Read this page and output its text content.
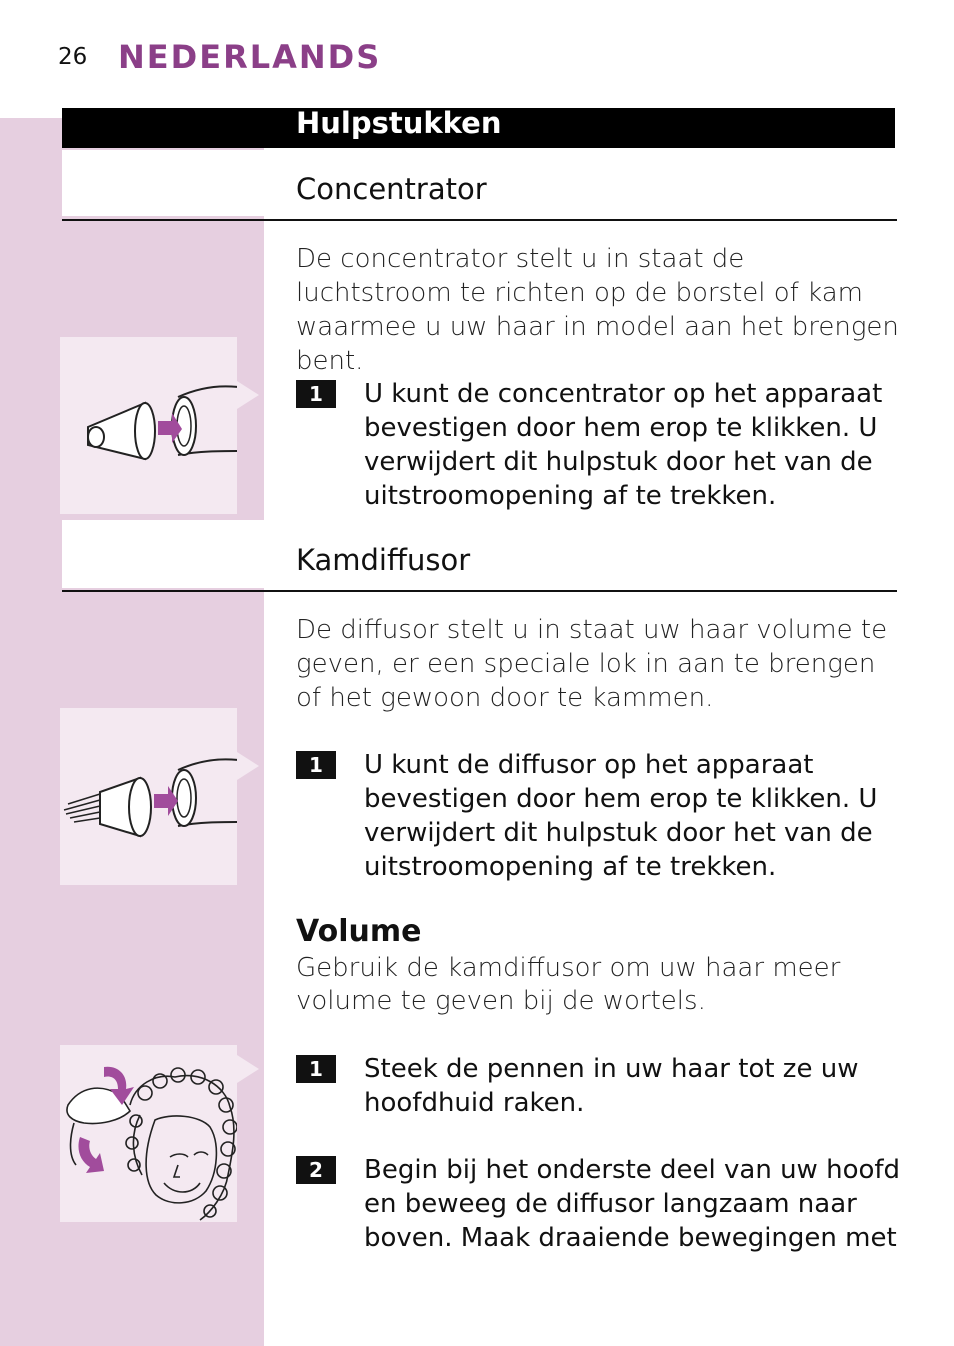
26 NEDERLANDS
Hulpstukken
Concentrator
De concentrator stelt u in staat de luchtstroom te richten op de borstel of kam waarmee u uw haar in model aan het brengen bent.
1	U kunt de concentrator op het apparaat bevestigen door hem erop te klikken. U verwijdert dit hulpstuk door het van de uitstroomopening af te trekken.
Kamdiffusor
De diffusor stelt u in staat uw haar volume te geven, er een speciale lok in aan te brengen of het gewoon door te kammen.
1	U kunt de diffusor op het apparaat bevestigen door hem erop te klikken. U verwijdert dit hulpstuk door het van de uitstroomopening af te trekken.
Volume
Gebruik de kamdiffusor om uw haar meer volume te geven bij de wortels.
1	Steek de pennen in uw haar tot ze uw hoofdhuid raken.
2	Begin bij het onderste deel van uw hoofd en beweeg de diffusor langzaam naar boven. Maak draaiende bewegingen met
